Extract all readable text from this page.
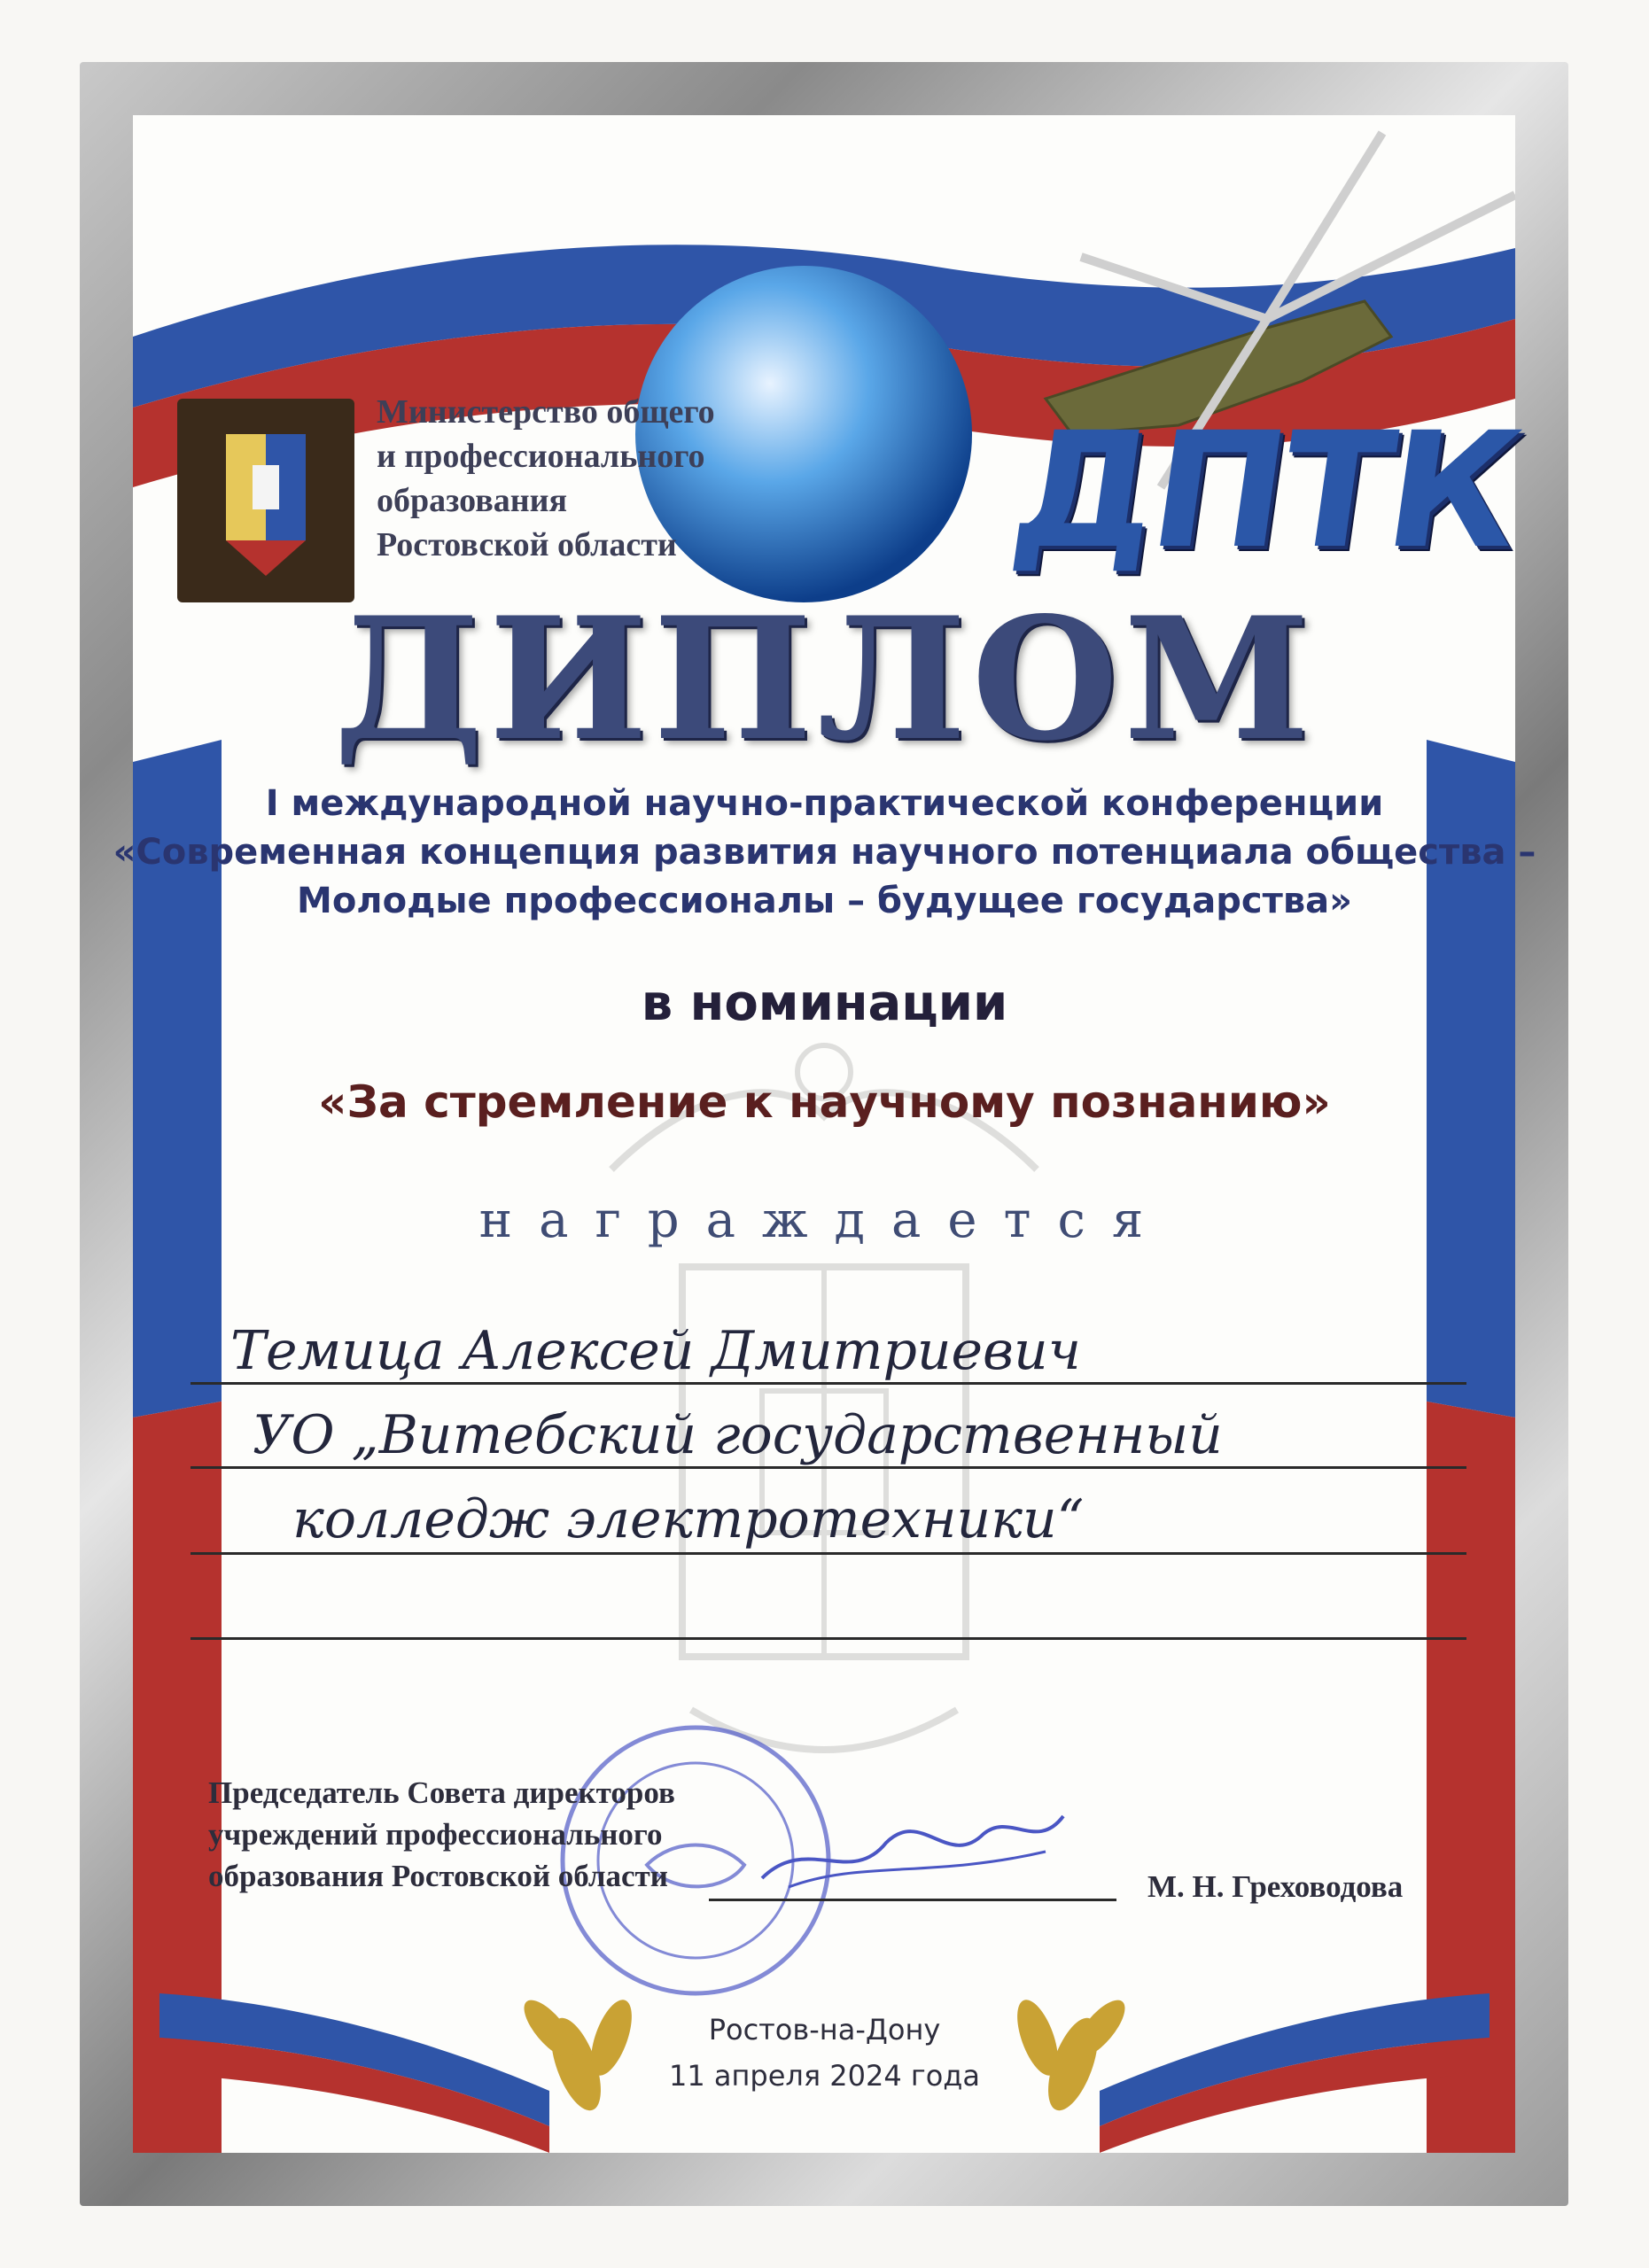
Министерство общего
и профессионального
образования
Ростовской области	ДПТК
ДИПЛОМ
I международной научно-практической конференции
«Современная концепция развития научного потенциала общества –
Молодые профессионалы – будущее государства»
в номинации
«За стремление к научному познанию»
награждается
Темица Алексей Дмитриевич
УО „Витебский государственный
колледж электротехники“
Председатель Совета директоров
учреждений профессионального
образования Ростовской области	М. Н. Греховодова
Ростов-на-Дону
11 апреля 2024 года
